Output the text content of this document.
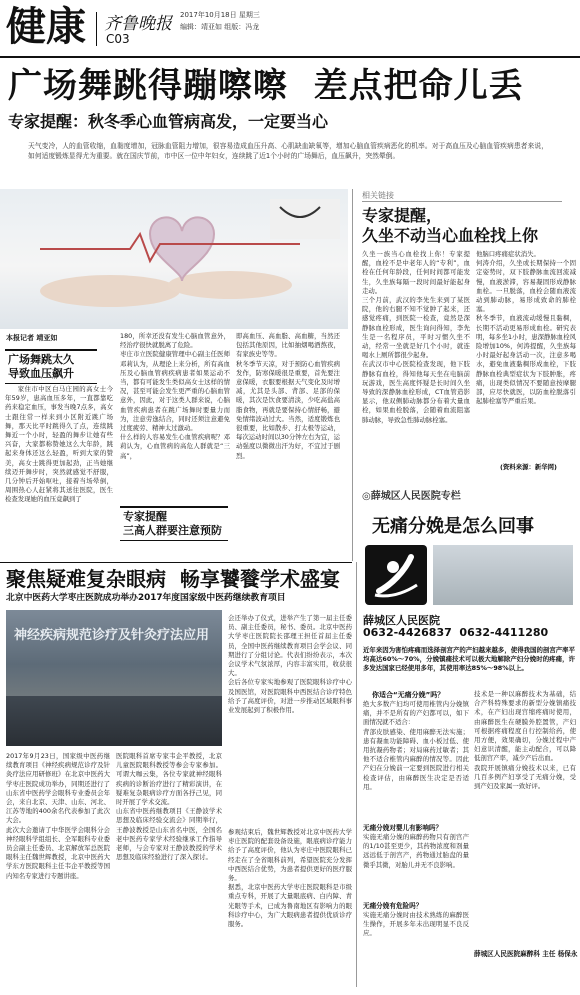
健康 齐鲁晚报 2017年10月18日 星期三
编辑：靖亚如 组版：冯龙
C03
广场舞跳得蹦嚓嚓  差点把命儿丢
专家提醒：秋冬季心血管病高发，一定要当心
天气变冷，人的血管收缩，血黏度增加，冠脉血管阻力增加，很容易造成血压升高、心肌缺血缺氧等，增加心脑血管疾病恶化的机率。对于高血压及心脑血管疾病患者来说，如何适度锻炼显得尤为重要。就在国庆节前，市中区一位中年妇女，连续跳了近1个小时的广场舞后，血压飙升，突然晕倒。
本报记者 靖亚如
广场舞跳太久
导致血压飙升
家住市中区白马庄园的高女士今年59岁，患高血压多年，一直都靠吃药来稳定血压，事发当晚7点多，高女士跟往常一样来到小区附近跳广场舞，那天比平时跳得久了点，连续跳舞近一个小时，轻盈的舞步让她有些兴奋，大家都称赞她这么大年龄，跳起来身体还这么轻盈，听到大家的赞美，高女士跳得更加起劲，正当她继续迈开舞步时，突然就感觉不舒服，几分钟后开始呕吐，接着当场晕倒，周围热心人赶紧将其送往医院，医生检查发现她的血压竟飙到了
180，所幸还没有发生心脑血管意外，经治疗很快就脱离了危险。
枣庄市立医院健康管理中心副主任医师邓莉认为，从理论上来分析，所有高血压及心脑血管病疾病患者如果运动不当，都有可能发生类似高女士这样的情况，甚至可能会发生更严重的心脑血管意外，因此，对于这类人群来说，心脑血管疾病患者在跳广场舞时要量力而为，注意劳逸结合，同时还须注意避免过度疲劳、精神太过激动。
什么样的人容易发生心血管疾病呢？邓莉认为，心血管病的高危人群就是“三高”，
专家提醒
三高人群要注意预防
即高血压、高血脂、高血糖，当然还包括其他原因，比如抽烟喝酒熬夜，有家族史等等。
秋冬季节天凉，对于预防心血管疾病发作，防寒保暖很是重要，首先要注意保暖，衣服要根据天气变化及时增减，尤其是头部、背部、足部的保暖，其次是饮食要清淡，少吃高盐高脂食物，再就是要保持心情舒畅，避免情绪波动过大。当然，适度锻炼也很重要，比如散步、打太极等运动，每次运动时间以30分钟左右为宜，运动强度以微微出汗为好，不宜过于剧烈。
相关链接
专家提醒，
久坐不动当心血栓找上你
久坐一族当心血栓找上你！专家提醒，血栓不是中老年人的“专利”，血栓在任何年龄段，任何时间都可能发生，久坐族每隔一段时间最好能起身走动。
三个月前，武汉的李先生来到了某医院，他的右腿不知不觉肿了起来，还感觉疼痛，到医院一检查，竟然是深静脉血栓形成，医生询问得知，李先生是一名程序员，平时习惯久坐不动，经常一坐就是好几个小时，就连喝水上厕所都很少起身。
在武汉市中心医院检查发现，他下肢静脉有血栓，得知他每天坐在电脑前玩游戏，医生高度怀疑是长时间久坐导致的深静脉血栓形成，CT血管造影显示，他双侧肺动脉都分布着大量血栓，如果血栓脱落，会随着血流阻塞肺动脉，导致急性肺动脉栓塞。
他脑口疼痛症状消失。
何涛介绍，久坐或长期保持一个固定姿势时，双下肢静脉血流回流减慢，血液淤滞，容易凝固形成静脉血栓。一旦脱落，血栓会随血液流动到肺动脉，易形成致命的肺栓塞。
秋冬季节，血液流动缓慢且黏稠，长期不活动更易形成血栓。研究表明，每多坐1小时，患深静脉血栓风险增加10%，何涛提醒，久坐族每小时最好起身活动一次，注意多喝水，避免血液黏稠形成血栓，下肢静脉血栓典型症状为下肢肿胀，疼痛，出现类似情况不要随意按摩腿部，应尽快就医，以防血栓脱落引起肺栓塞等严重后果。
(资料来源：新华网)
◎薛城区人民医院专栏
无痛分娩是怎么回事
薛城区人民医院
0632-4426837  0632-4411280
近年来因为害怕疼痛而选择剖宫产的产妇越来越多，使得我国的剖宫产率平均高达60%～70%，分娩镇痛技术可以极大地解除产妇分娩时的疼痛，许多发达国家已经使用多年，其使用率达85%～98%以上。
你适合“无痛分娩”吗？
绝大多数产妇均可使用椎管内分娩镇痛，并不是所有的产妇都可以，如下面情况就不适合：
背部皮肤感染、使用麻醉无法实施；患有凝血功能障碍、血小板过低、使用抗凝药物者；对局麻药过敏者；其他不适合椎管内麻醉的情况等。因此产妇在分娩前一定要到医院进行相关检查评估，由麻醉医生决定是否适用。
无痛分娩对婴儿有影响吗？
实施无痛分娩的麻醉药物只有剖宫产的1/10甚至更少，其药物浓度和剂量远远低于剖宫产，药物通过胎盘的量微乎其微，对胎儿并无不良影响。
无痛分娩有危险吗？
实施无痛分娩时由技术熟练的麻醉医生操作，开展多年未出现明显不良反应。
技术是一种以麻醉技术为基础，结合产科特殊要求的新型分娩镇痛技术，在产妇出现宫缩疼痛时使用，由麻醉医生在硬膜外腔置管，产妇可根据疼痛程度自行控制给药，使用方便，效果确切，分娩过程中产妇意识清醒，能主动配合，可以降低剖宫产率，减少产后出血。
我院开展镇痛分娩技术以来，已有几百多例产妇享受了无痛分娩，受到产妇及家属一致好评。
薛城区人民医院麻醉科 主任 杨保永
聚焦疑难复杂眼病  畅享饕餮学术盛宴
北京中医药大学枣庄医院成功举办2017年度国家级中医药继续教育项目
神经疾病规范诊疗及针灸疗法应用
2017年9月23日，国家级中医药继续教育项目《神经疾病规范诊疗及针灸疗法应用研修班》在北京中医药大学枣庄医院成功举办，同期还进行了山东省中医药学会眼科专业委员会年会，来自北京、天津、山东、河北、江苏等地的400余名代表参加了此次大会。
此次大会邀请了中华医学会眼科分会神经眼科学组组长、全军眼科专业委员会副主任委员、北京解放军总医院眼科主任魏世辉教授，北京中医药大学东方医院眼科主任韦企平教授等国内知名专家进行专题讲座。
医院眼科首席专家韦企平教授，北京儿童医院眼科教授等参会专家参加。可谓大咖云集，各位专家就神经眼科疾病的诊断治疗进行了精彩演讲，在疑难复杂眼病诊疗方面各抒己见，同时开展了学术交流。
山东省中医药继教项目《王静波学术思想及临床经验交流会》同期举行，王静波教授是山东省名中医，全国名老中医药专家学术经验继承工作指导老师，与会专家对王静波教授的学术思想及临床经验进行了深入探讨。
会还举办了仪式，进举产生了第一届主任委员、副主任委员，秘书、委员。北京中医药大学枣庄医院院长邵理王担任首届主任委员，全国中医药继续教育项目会学会议、同期进行了分组讨论。代表们纷纷表示，本次会议学术气氛浓厚，内容丰富实用，收获很大。
会后各位专家实地参观了医院眼科诊疗中心及国医馆，对医院眼科中西医结合诊疗特色给予了高度评价，对进一步推动区域眼科事业发展起到了积极作用。
参观结束后，魏世辉教授对北京中医药大学枣庄医院的配套设备设施，眼底病诊疗能力给予了高度评价，他认为枣庄中医院眼科已经走在了全省眼科前列，希望医院充分发挥中西医结合优势，为患者提供更好的医疗服务。
据悉，北京中医药大学枣庄医院眼科是市级重点专科，开展了大量眼底病、白内障、青光眼等手术，已成为鲁南地区有影响力的眼科诊疗中心，为广大眼病患者提供优质诊疗服务。
